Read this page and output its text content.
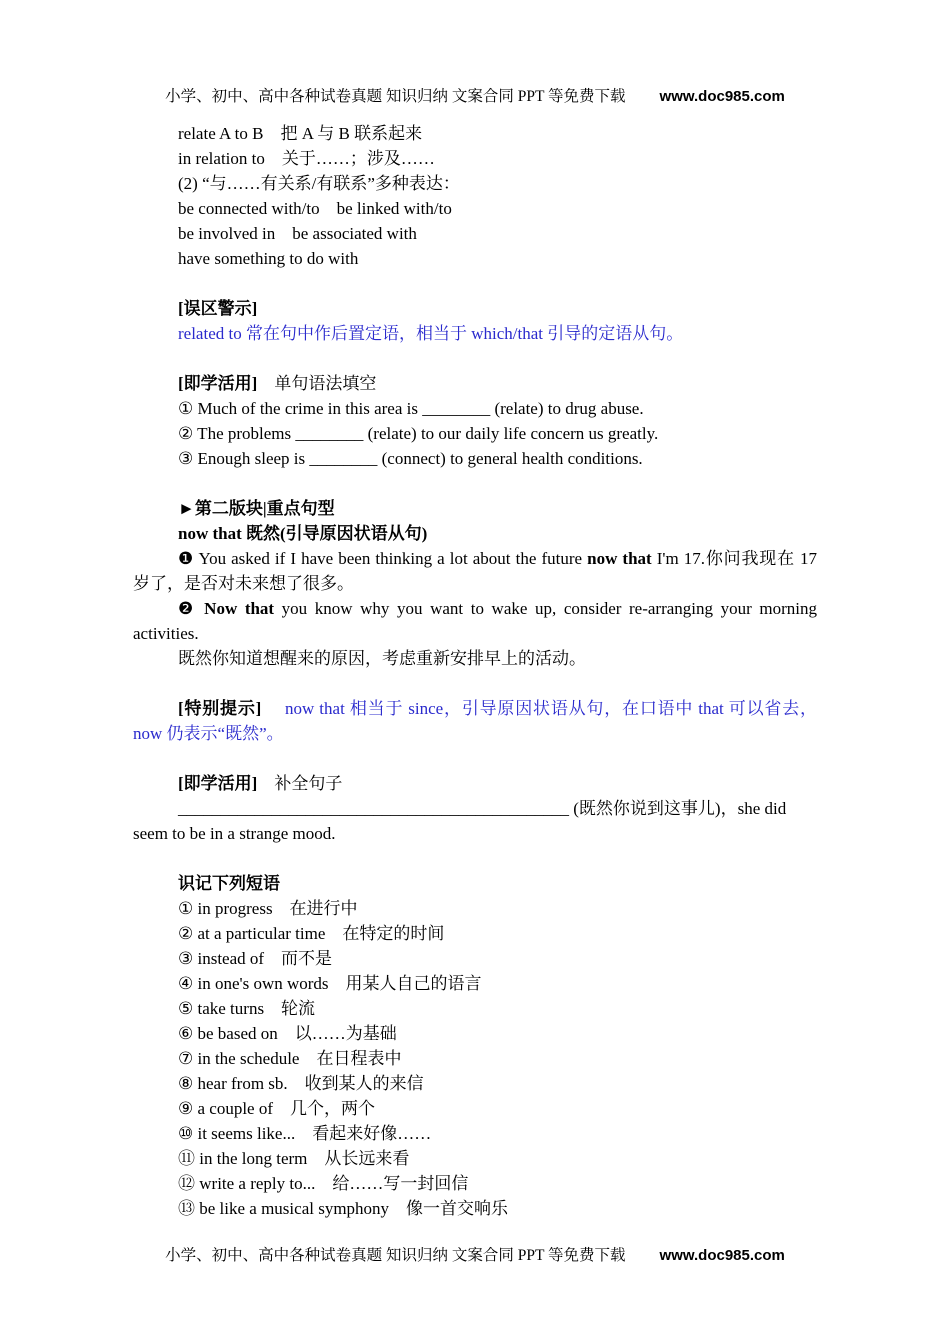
小学、初中、高中各种试卷真题 知识归纳 文案合同 PPT 等免费下载 www.doc985.com
relate A to B　把 A 与 B 联系起来
in relation to　关于……；涉及……
(2) “与……有关系/有联系”多种表达：
be connected with/to　be linked with/to
be involved in　be associated with
have something to do with
[误区警示]
related to 常在句中作后置定语，相当于 which/that 引导的定语从句。
[即学活用]　单句语法填空
① Much of the crime in this area is ________ (relate) to drug abuse.
② The problems ________ (relate) to our daily life concern us greatly.
③ Enough sleep is ________ (connect) to general health conditions.
►第二版块|重点句型
now that 既然(引导原因状语从句)
❶ You asked if I have been thinking a lot about the future now that I'm 17.你问我现在 17 岁了，是否对未来想了很多。
❷ Now that you know why you want to wake up, consider re-arranging your morning activities.
既然你知道想醒来的原因，考虑重新安排早上的活动。
[特别提示]　 now that 相当于 since，引导原因状语从句，在口语中 that 可以省去，now 仍表示“既然”。
[即学活用]　补全句子
______________________________________________ (既然你说到这事儿)，she did seem to be in a strange mood.
识记下列短语
① in progress　在进行中
② at a particular time　在特定的时间
③ instead of　而不是
④ in one's own words　用某人自己的语言
⑤ take turns　轮流
⑥ be based on　以……为基础
⑦ in the schedule　在日程表中
⑧ hear from sb.　收到某人的来信
⑨ a couple of　几个，两个
⑩ it seems like...　看起来好像……
⑪ in the long term　从长远来看
⑫ write a reply to...　给……写一封回信
⑬ be like a musical symphony　像一首交响乐
小学、初中、高中各种试卷真题 知识归纳 文案合同 PPT 等免费下载 www.doc985.com
